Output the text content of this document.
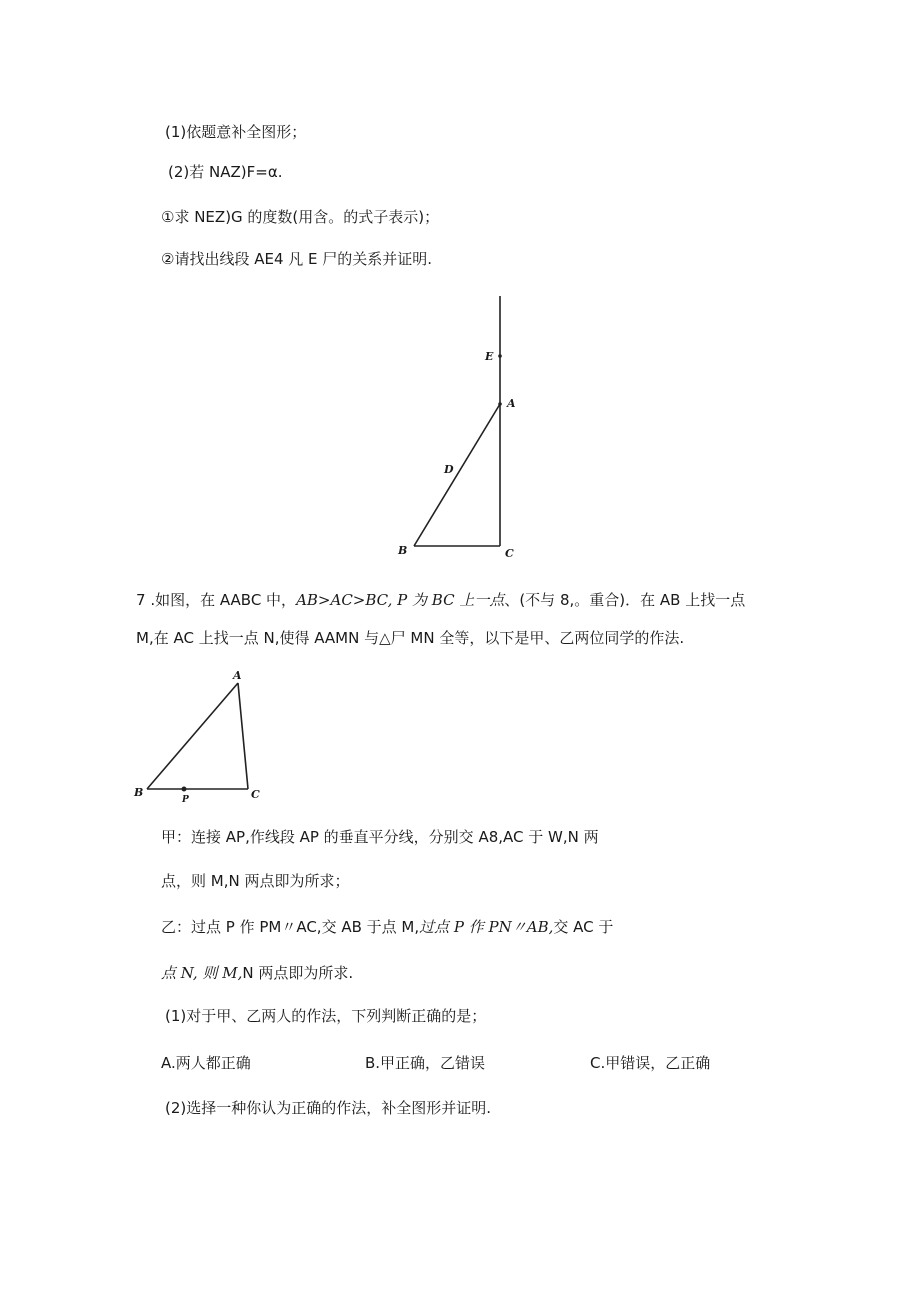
(1)依题意补全图形；
(2)若 NAZ)F=α.
①求 NEZ)G 的度数(用含。的式子表示)；
②请找出线段 AE4 凡 E 尸的关系并证明.
E
A
D
B	C
7 .如图，在 AABC 中，AB>AC>BC, P 为 BC 上一点、(不与 8,。重合)．在 AB 上找一点
M,在 AC 上找一点 N,使得 AAMN 与△尸 MN 全等，以下是甲、乙两位同学的作法.
A
B	C
P
甲：连接 AP,作线段 AP 的垂直平分线，分别交 A8,AC 于 W,N 两
点，则 M,N 两点即为所求；
乙：过点 P 作 PM〃AC,交 AB 于点 M,过点 P 作 PN〃AB,交 AC 于
点 N, 则 M,N 两点即为所求.
(1)对于甲、乙两人的作法，下列判断正确的是；
A.两人都正确	B.甲正确，乙错误	C.甲错误，乙正确
(2)选择一种你认为正确的作法，补全图形并证明.
